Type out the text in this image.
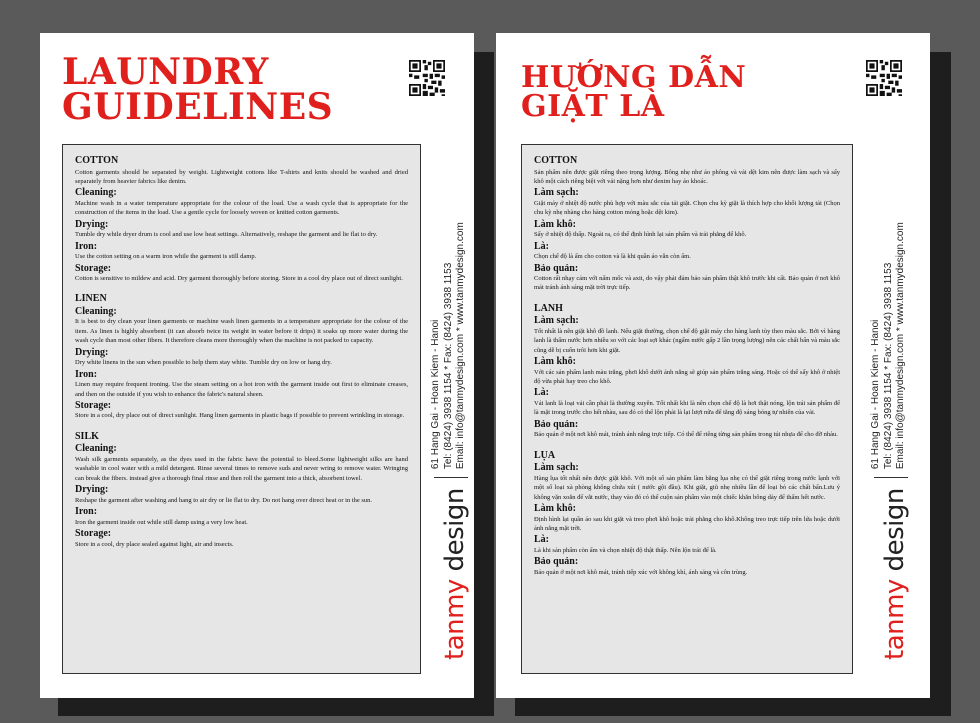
LAUNDRY
GUIDELINES
COTTON
Cotton garments should be separated by weight. Lightweight cottons like T-shirts and knits should be washed and dried separately from heavier fabrics like denim.
Cleaning:
Machine wash in a water temperature appropriate for the colour of the load. Use a wash cycle that is appropriate for the construction of the items in the load. Use a gentle cycle for loosely woven or knitted cotton garments.
Drying:
Tumble dry while dryer drum is cool and use low heat settings. Alternatively, reshape the garment and lie flat to dry.
Iron:
Use the cotton setting on a warm iron while the garment is still damp.
Storage:
Cotton is sensitive to mildew and acid. Dry garment thoroughly before storing. Store in a cool dry place out of direct sunlight.
LINEN
Cleaning:
It is best to dry clean your linen garments or machine wash linen garments in a temperature appropriate for the colour of the item. As linen is highly absorbent (it can absorb twice its weight in water before it drips) it soaks up more water during the wash cycle than most other fibers. It therefore cleans more thoroughly when the machine is not packed to capacity.
Drying:
Dry white linens in the sun when possible to help them stay white. Tumble dry on low or hang dry.
Iron:
Linen may require frequent ironing. Use the steam setting on a hot iron with the garment inside out first to eliminate creases, and then on the outside if you wish to enhance the fabric's natural sheen.
Storage:
Store in a cool, dry place out of direct sunlight. Hang linen garments in plastic bags if possible to prevent wrinkling in storage.
SILK
Cleaning:
Wash silk garments separately, as the dyes used in the fabric have the potential to bleed.Some lightweight silks are hand washable in cool water with a mild detergent. Rinse several times to remove suds and never wring to remove water. Wringing can break the fibers. instead give a thorough final rinse and then roll the garment into a thick, absorbent towel.
Drying:
Reshape the garment after washing and hang to air dry or lie flat to dry. Do not hang over direct heat or in the sun.
Iron:
Iron the garment inside out while still damp using a very low heat.
Storage:
Store in a cool, dry place sealed against light, air and insects.
tanmy design
61 Hang Gai - Hoan Kiem - Hanoi Tel: (8424) 3938 1154 * Fax: (8424) 3938 1153 Email: info@tanmydesign.com * www.tanmydesign.com
HƯỚNG DẪN
GIẶT LÀ
COTTON
Sản phẩm nên được giặt riêng theo trọng lượng. Bông nhẹ như áo phông và vải dệt kim nên được làm sạch và sấy khô một cách riêng biệt với vải nặng hơn như denim hay áo khoác.
Làm sạch:
Giặt máy ở nhiệt độ nước phù hợp với màu sắc của tải giặt. Chọn chu kỳ giặt là thích hợp cho khối lượng tải (Chọn chu kỳ nhẹ nhàng cho hàng cotton mỏng hoặc dệt kim).
Làm khô:
Sấy ở nhiệt độ thấp. Ngoài ra, có thể định hình lại sản phẩm và trải phẳng để khô.
Là:
Chọn chế độ là ấm cho cotton và là khi quần áo vẫn còn ẩm.
Bảo quản:
Cotton rất nhạy cảm với nấm mốc và axit, do vậy phải đảm bảo sản phẩm thật khô trước khi cất. Bảo quản ở nơi khô mát tránh ánh sáng mặt trời trực tiếp.
LANH
Làm sạch:
Tốt nhất là nên giặt khô đồ lanh. Nếu giặt thường, chọn chế độ giặt máy cho hàng lanh tùy theo màu sắc. Bởi vì hàng lanh là thấm nước hơn nhiều so với các loại sợi khác (ngấm nước gấp 2 lần trọng lượng) nên các chất bẩn và màu sắc cũng dễ bị cuốn trôi hơn khi giặt.
Làm khô:
Với các sản phẩm lanh màu trắng, phơi khô dưới ánh nắng sẽ giúp sản phẩm trắng sáng. Hoặc có thể sấy khô ở nhiệt độ vừa phải hay treo cho khô.
Là:
Vải lanh là loại vải cần phải là thường xuyên. Tốt nhất khi là nên chọn chế độ là hơi thật nóng, lộn trái sản phẩm để là mặt trong trước cho hết nhàu, sau đó có thể lộn phải là lại lượt nữa để tăng độ sáng bóng tự nhiên của vải.
Bảo quản:
Bảo quản ở một nơi khô mát, tránh ánh nắng trực tiếp. Có thể để riêng từng sản phẩm trong túi nhựa để cho đỡ nhàu.
LỤA
Làm sạch:
Hàng lụa tốt nhất nên được giặt khô. Với một số sản phẩm làm bằng lụa nhẹ có thể giặt riêng trong nước lạnh với một số loại xà phòng không chứa xút ( nước gội đầu). Khi giặt, giũ nhẹ nhiều lần để loại bỏ các chất bẩn.Lưu ý không vặn xoắn để vắt nước, thay vào đó có thể cuộn sản phẩm vào một chiếc khăn bông dày để thấm hết nước.
Làm khô:
Định hình lại quần áo sau khi giặt và treo phơi khô hoặc trải phẳng cho khô.Không treo trực tiếp trên lửa hoặc dưới ánh nắng mặt trời.
Là:
Là khi sản phẩm còn ẩm và chọn nhiệt độ thật thấp. Nên lộn trái để là.
Bảo quản:
Bảo quản ở một nơi khô mát, tránh tiếp xúc với không khí, ánh sáng và côn trùng.
tanmy design
61 Hang Gai - Hoan Kiem - Hanoi Tel: (8424) 3938 1154 * Fax: (8424) 3938 1153 Email: info@tanmydesign.com * www.tanmydesign.com
